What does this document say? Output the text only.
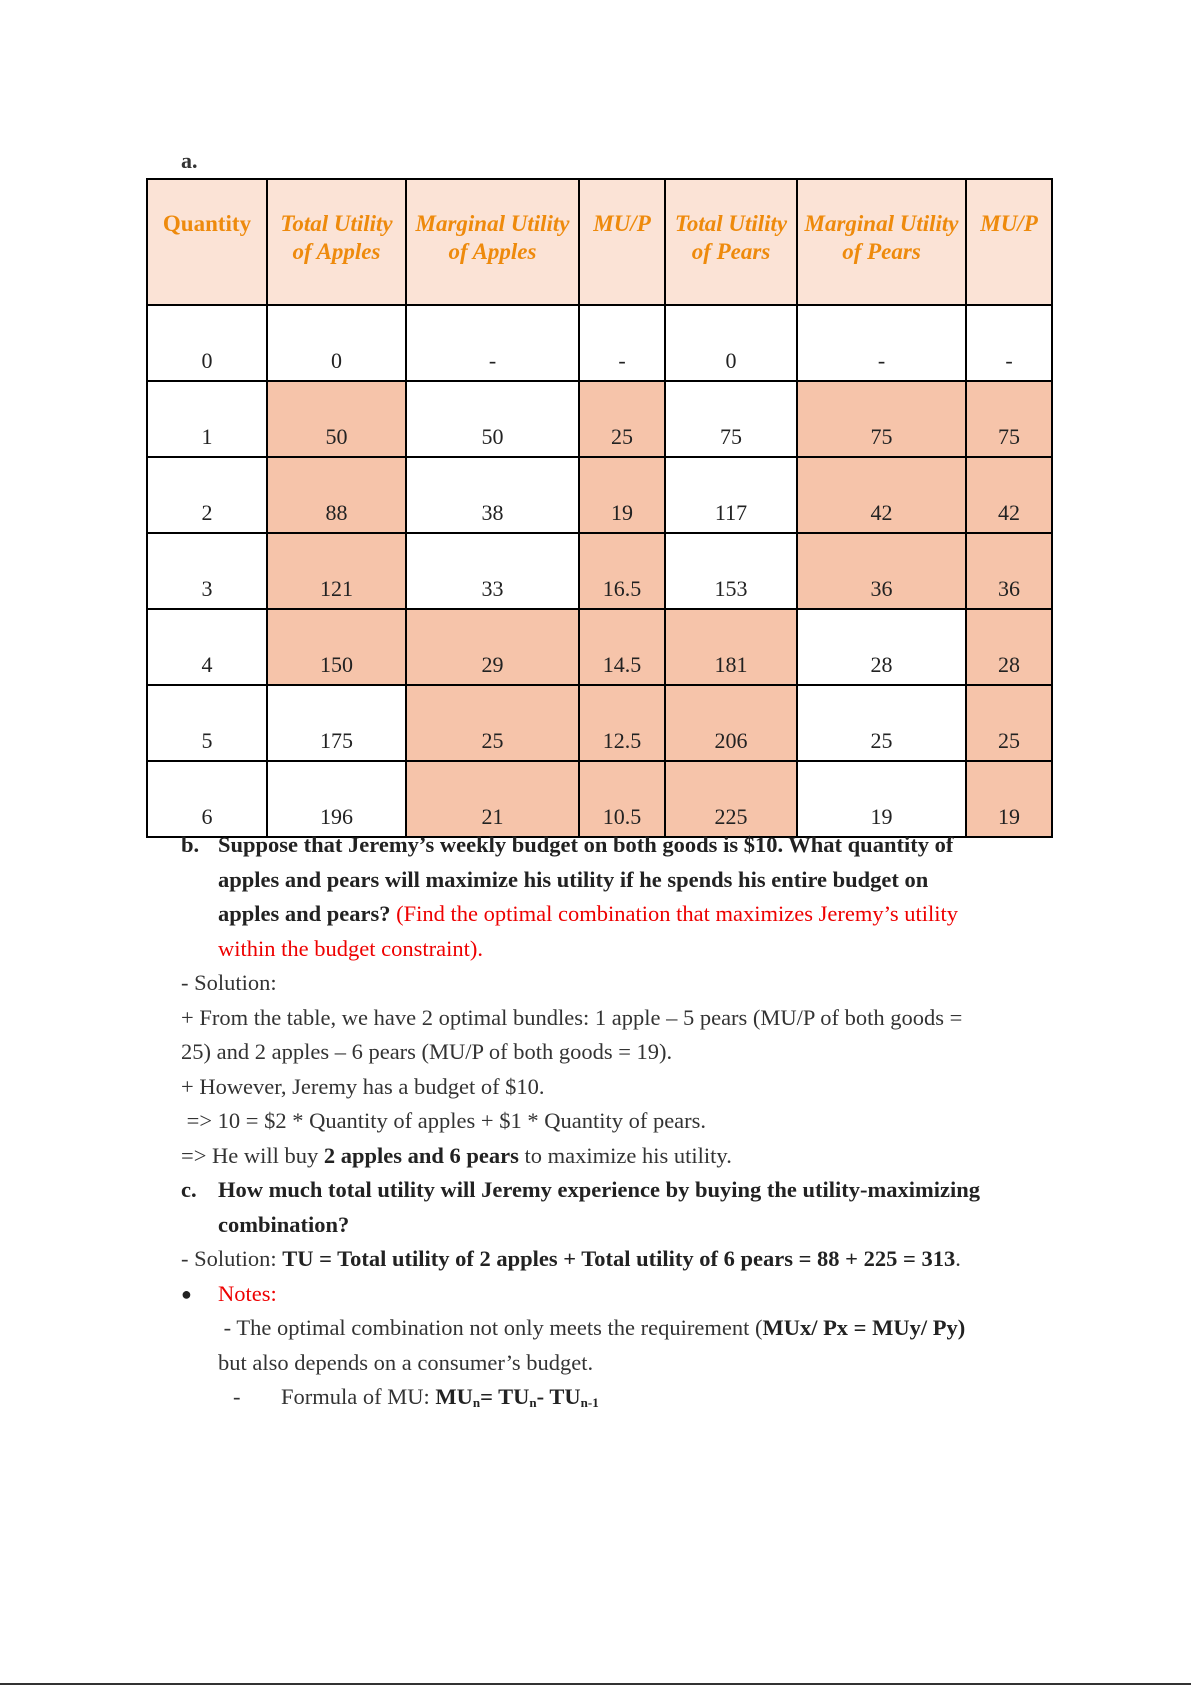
a.
Quantity	Total Utility of Apples	Marginal Utility of Apples	MU/P	Total Utility of Pears	Marginal Utility of Pears	MU/P
0	0	-	-	0	-	-
1	50	50	25	75	75	75
2	88	38	19	117	42	42
3	121	33	16.5	153	36	36
4	150	29	14.5	181	28	28
5	175	25	12.5	206	25	25
6	196	21	10.5	225	19	19
b. Suppose that Jeremy’s weekly budget on both goods is $10. What quantity of apples and pears will maximize his utility if he spends his entire budget on apples and pears? (Find the optimal combination that maximizes Jeremy’s utility within the budget constraint).
- Solution:
+ From the table, we have 2 optimal bundles: 1 apple – 5 pears (MU/P of both goods = 25) and 2 apples – 6 pears (MU/P of both goods = 19).
+ However, Jeremy has a budget of $10.
=> 10 = $2 * Quantity of apples + $1 * Quantity of pears.
=> He will buy 2 apples and 6 pears to maximize his utility.
c. How much total utility will Jeremy experience by buying the utility-maximizing combination?
- Solution: TU = Total utility of 2 apples + Total utility of 6 pears = 88 + 225 = 313.
●	Notes:
- The optimal combination not only meets the requirement (MUx/ Px = MUy/ Py) but also depends on a consumer’s budget.
- Formula of MU: $MU_n= TU_n-$ $TU_{n-1}$
